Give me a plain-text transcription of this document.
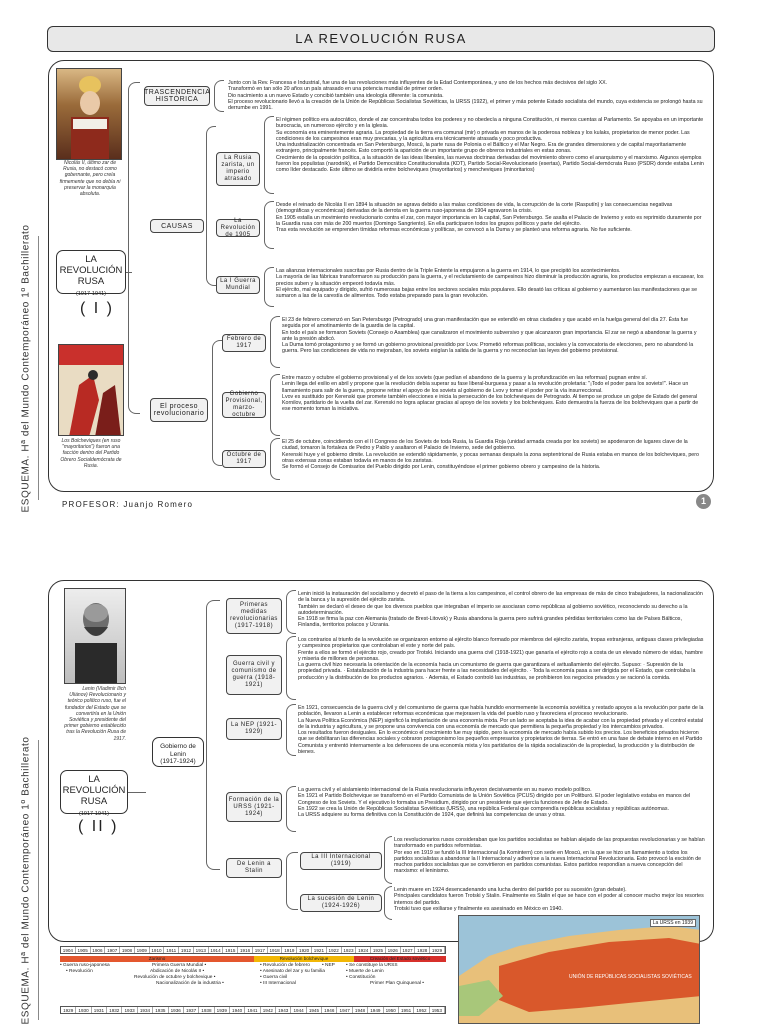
LA REVOLUCIÓN RUSA
ESQUEMA. Hª del Mundo Contemporáneo 1º Bachillerato
Nicolás II, último zar de Rusia, no destacó como gobernante, pero creía firmemente que no debía ni preservar la monarquía absoluta.
LA
REVOLUCIÓN
RUSA
(1917-1941)
( I )
Los Bolcheviques (en ruso "mayoritarios") fueron una facción dentro del Partido Obrero Socialdemócrata de Rusia.
TRASCENDENCIA HISTÓRICA

Junto con la Rev. Francesa e Industrial, fue una de las revoluciones más influyentes de la Edad Contemporánea, y uno de los hechos más decisivos del siglo XX.

Transformó en tan sólo 20 años un país atrasado en una potencia mundial de primer orden.

Dio nacimiento a un nuevo Estado y concibió también una ideología diferente: la comunista.

El proceso revolucionario llevó a la creación de la Unión de Repúblicas Socialistas Soviéticas, la URSS (1922), el primer y más potente Estado socialista del mundo, cuya existencia se prolongó hasta su derrumbe en 1991.

CAUSAS
La Rusia zarista, un imperio atrasado

El régimen político era autocrático, donde el zar concentraba todos los poderes y no obedecía a ninguna Constitución, ni menos cuentas al Parlamento. Se apoyaba en un importante burocracia, un numeroso ejército y en la iglesia.

Su economía era eminentemente agraria. La propiedad de la tierra era comunal (mir) o privada en manos de la poderosa nobleza y los kulaks, propietarios de menor poder. Las condiciones de los campesinos eran muy precarias, y la agricultura era técnicamente atrasada y poco productiva.

Una industrialización concentrada en San Petersburgo, Moscú, la parte rusa de Polonia o el Báltico y el Mar Negro. Era de grandes dimensiones y de capital mayoritariamente extranjero, principalmente francés. Esto comportó la aparición de un importante grupo de obreros industriales en estas zonas.

Crecimiento de la oposición política, a la situación de las ideas liberales, las nuevas doctrinas derivadas del movimiento obrero como el anarquismo y el marxismo. Algunos ejemplos fueron los populistas (narodnik), el Partido Democrático Constitucionalista (KDT), Partido Social-Revolucionario (esertas), Partido Social-demócrata Ruso (PSDR) donde estaba Lenin como líder destacado. Este último se dividiría entre bolcheviques (mayoritarios) y mencheviques (minoritarios)

La Revolución de 1905

Desde el reinado de Nicolás II en 1894 la situación se agrava debido a las malas condiciones de vida, la corrupción de la corte (Rasputín) y las consecuencias negativas (demográficas y económicas) derivadas de la derrota en la guerra ruso-japonesa de 1904 agravaron la crisis.

En 1905 estalla un movimiento revolucionario contra el zar, con mayor importancia en la capital, San Petersburgo. Se asalta el Palacio de Invierno y esto es reprimido duramente por la Guardia rusa con más de 200 muertos (Domingo Sangriento). En ella participaron todos los grupos políticos y parte del ejército.

Tras esta revolución se emprenden tímidas reformas económicas y políticas, se convocó a la Duma y se planteó una reforma agraria. No fue suficiente.

La I Guerra Mundial

Las alianzas internacionales suscritas por Rusia dentro de la Triple Entente la empujaron a la guerra en 1914, lo que precipitó los acontecimientos.

La mayoría de las fábricas transformaron su producción para la guerra, y el reclutamiento de campesinos hizo disminuir la producción agraria, los productos empiezan a escasear, los precios suben y la situación empeoró todavía más.

El ejército, mal equipado y dirigido, sufrió numerosas bajas entre los sectores sociales más populares. Ello desató las críticas al gobierno y aumentaron las manifestaciones que se sumaron a las de la carestía de alimentos. Todo estaba preparado para la gran revolución.

El proceso revolucionario
Febrero de 1917

El 23 de febrero comenzó en San Petersburgo (Petrogrado) una gran manifestación que se extendió en otras ciudades y que acabó en la huelga general del día 27. Ésta fue seguida por el amotinamiento de la guardia de la capital.

En todo el país se formaron Soviets (Consejo o Asamblea) que canalizaron el movimiento subversivo y que alcanzaron gran importancia. El zar se negó a abandonar la guerra y ante la presión abdicó.

La Duma tomó protagonismo y se formó un gobierno provisional presidido por Lvov. Prometió reformas políticas, sociales y la convocatoria de elecciones, pero no abandonó la guerra. Pero las condiciones de vida no mejoraban, los soviets exigían la salida de la guerra y no reconocían las leyes del gobierno provisional.

Gobierno Provisional, marzo-octubre

Entre marzo y octubre el gobierno provisional y el de los soviets (que pedían el abandono de la guerra y la profundización en las reformas) pugnan entre sí.

Lenin llega del exilio en abril y propone que la revolución debía superar su fase liberal-burguesa y pasar a la revolución proletaria: "¡Todo el poder para los soviets!". Hace un llamamiento para salir de la guerra, propone retirar el apoyo de los soviets al gobierno de Lvov y tomar el poder por la vía insurreccional.

Lvov es sustituido por Kerenski que promete también elecciones e inicia la persecución de los bolcheviques de Petrogrado. Al tiempo se produce un golpe de Estado del general Kornilov, partidario de la vuelta del zar. Kerenski no logra aplacar gracias al apoyo de los soviets y los bolcheviques. Esto demuestra la fuerza de los bolcheviques que a partir de ese momento toman la iniciativa.

Octubre de 1917

El 25 de octubre, coincidiendo con el II Congreso de los Soviets de toda Rusia, la Guardia Roja (unidad armada creada por los soviets) se apoderaron de lugares clave de la ciudad, tomaron la fortaleza de Pedro y Pablo y asaltaron el Palacio de Invierno, sede del gobierno.

Kerenski huye y el gobierno dimite. La revolución se extendió rápidamente, y pocas semanas después la zona septentrional de Rusia estaba en manos de los bolcheviques, pero otras extensas zonas estaban todavía en manos de los zaristas.

Se formó el Consejo de Comisarios del Pueblo dirigido por Lenin, constituyéndose el primer gobierno obrero y campesino de la historia.

PROFESOR: Juanjo Romero	1
ESQUEMA. Hª del Mundo Contemporáneo 1º Bachillerato
Lenin (Vladimir Ilich Uliánov) Revolucionario y teórico político ruso, fue el fundador del Estado que se convertiría en la Unión Soviética y presidente del primer gobierno establecido tras la Revolución Rusa de 1917.
LA
REVOLUCIÓN
RUSA
(1917-1941)
( II )
Gobierno de Lenin
(1917-1924)
Primeras medidas revolucionarias (1917-1918)

Lenin inició la instauración del socialismo y decretó el paso de la tierra a los campesinos, el control obrero de las empresas de más de cinco trabajadores, la nacionalización de la banca y la supresión del ejército zarista.

También se declaró el deseo de que los diversos pueblos que integraban el imperio se asociaran como repúblicas al gobierno soviético, reconociendo su derecho a la autodeterminación.

En 1918 se firma la paz con Alemania (tratado de Brest-Litovsk) y Rusia abandona la guerra pero sufrirá grandes pérdidas territoriales como las de Países Bálticos, Finlandia, territorios polacos y Ucrania.

Guerra civil y comunismo de guerra (1918-1921)

Los contrarios al triunfo de la revolución se organizaron entorno al ejército blanco formado por miembros del ejército zarista, tropas extranjeras, antiguas clases privilegiadas y campesinos propietarios que controlaban el este y norte del país.

Frente a ellos se formó el ejército rojo, creado por Trotski. Iniciando una guerra civil (1918-1921) que ganaría el ejército rojo a costa de un elevado número de vidas, hambre y miseria de millones de personas.

La guerra civil hizo necesaria la orientación de la economía hacia un comunismo de guerra que garantizara el avituallamiento del ejército. Supuso: · Supresión de la propiedad privada. · Estatalización de la industria para hacer frente a las necesidades del ejército. · Toda la economía pasa a ser dirigida por el Estado, que controlaba la producción y la distribución de los productos agrarios. · Además, el Estado controló las industrias, se prohibieron los negocios privados y se racionó la comida.

La NEP (1921-1929)

En 1921, consecuencia de la guerra civil y del comunismo de guerra que había hundido enormemente la economía soviética y restado apoyos a la revolución por parte de la población, llevaron a Lenin a establecer reformas económicas que mejorasen la vida del pueblo ruso y favoreciera el proceso revolucionario.

La Nueva Política Económica (NEP) significó la implantación de una economía mixta. Por un lado se aceptaba la idea de acabar con la propiedad privada y el control estatal de la industria y agricultura, y se propone una convivencia con una economía de mercado que permitiera la pequeña propiedad y los intercambios privados.

Los resultados fueron desiguales. En lo económico el crecimiento fue muy rápido, pero la economía de mercado había subido los precios. Los beneficios privados hicieron que se debilitaran las diferencias sociales y cobraron protagonismo los pequeños empresarios y propietarios de tierras. Se entró en una fase de debate interno en el Partido Comunista y entrentó internamente a los defensores de una economía mixta y los partidarios de la rápida socialización de la propiedad, la producción y la distribución de bienes.

Formación de la URSS (1921-1924)

La guerra civil y el aislamiento internacional de la Rusia revolucionaria influyeron decisivamente en su nuevo modelo político.

En 1921 el Partido Bolchevique se transformó en el Partido Comunista de la Unión Soviética (PCUS) dirigido por un Politburó. El poder legislativo estaba en manos del Congreso de los Soviets. Y el ejecutivo lo formaba un Presidium, dirigido por un presidente que ejercía funciones de Jefe de Estado.

En 1922 se crea la Unión de Repúblicas Socialistas Soviéticas (URSS), una república Federal que comprendía repúblicas socialistas y repúblicas autónomas.

La URSS adquiere su forma definitiva con la Constitución de 1924, que definirá las competencias de unas y otras.

De Lenin a Stalin
La III Internacional (1919)

Los revolucionarios rusos consideraban que los partidos socialistas se habían alejado de las propuestas revolucionarias y se habían transformado en partidos reformistas.

Por eso en 1919 se fundó la III Internacional (la Komintern) con sede en Moscú, en la que se hizo un llamamiento a todos los partidos socialistas a abandonar la II Internacional y adherirse a la nueva Internacional Revolucionaria. Esto provocó la escisión de muchos partidos socialistas que se convirtieron en partidos comunistas. Estos partidos respondían a nueva concepción del marxismo: el leninismo.

La sucesión de Lenin (1924-1926)

Lenin muere en 1924 desencadenando una lucha dentro del partido por su sucesión (gran debate).

Principales candidatos fueron Trotski y Stalin. Finalmente es Stalin el que se hace con el poder al conocer mucho mejor los resortes internos del partido.

Trotski tuvo que exiliarse y finalmente es asesinado en México en 1940.

1904 1905 1906 1907 1908 1909 1910	1911	1912 1913 1914 1915 1916 1917 1918 1919 1920 1921 1922 1923 1924 1925 1926 1927 1928 1929
Zarismo	Revolución bolchevique	Creación del Estado soviético
• Guerra ruso-japonesa
• Revolución
Primera Guerra Mundial •
Abdicación de Nicolás II •
Revolución de octubre y bolchevique •
Nacionalización de la industria •
• Revolución de febrero
• Asesinato del zar y su familia
• Guerra civil
• III Internacional
• NEP • Se constituye la URSS
• Muerte de Lenin
• Constitución
Primer Plan Quinquenal •
1929	1930	1931	1932	1933	1934	1935	1936	1937	1938	1939	1940	1941	1942	1943	1944	1945	1946	1947	1948	1949	1950	1951	1952	1953
UNIÓN DE REPÚBLICAS SOCIALISTAS SOVIÉTICAS
La URSS en 1939
